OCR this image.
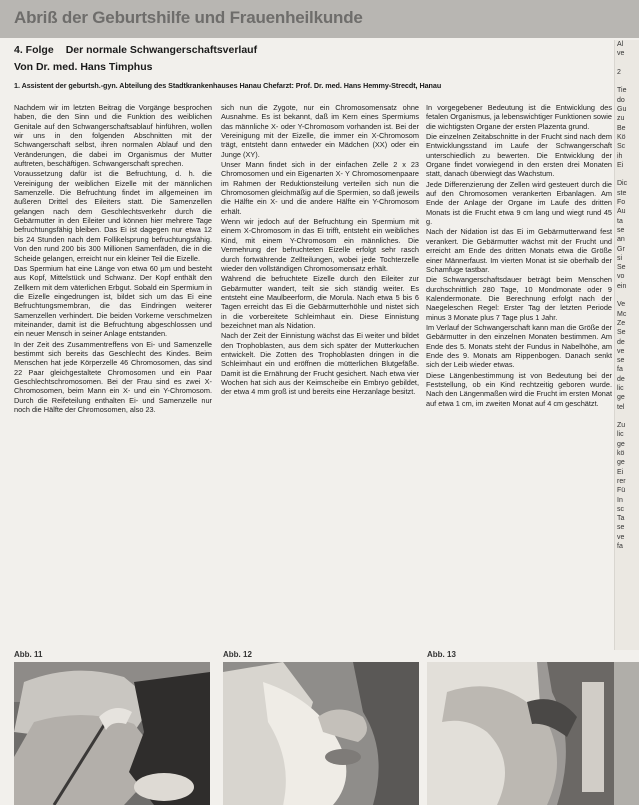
Abriß der Geburtshilfe und Frauenheilkunde
4. Folge Der normale Schwangerschaftsverlauf
Von Dr. med. Hans Timphus
1. Assistent der geburtsh.-gyn. Abteilung des Stadtkrankenhauses Hanau Chefarzt: Prof. Dr. med. Hans Hemmy-Strecdt, Hanau

Nachdem wir im letzten Beitrag die Vorgänge besprochen haben, die den Sinn und die Funktion des weiblichen Genitale auf den Schwangerschaftsablauf hinführen, wollen wir uns in den folgenden Abschnitten mit der Schwangerschaft selbst, ihren normalen Ablauf und den Veränderungen, die dabei im Organismus der Mutter auftreten, beschäftigen. Schwangerschaft sprechen.

Voraussetzung dafür ist die Befruchtung, d. h. die Vereinigung der weiblichen Eizelle mit der männlichen Samenzelle. Die Befruchtung findet im allgemeinen im äußeren Drittel des Eileiters statt. Die Samenzellen gelangen nach dem Geschlechtsverkehr durch die Gebärmutter in den Eileiter und können hier mehrere Tage befruchtungsfähig bleiben. Das Ei ist dagegen nur etwa 12 bis 24 Stunden nach dem Follikelsprung befruchtungsfähig. Von den rund 200 bis 300 Millionen Samenfäden, die in die Scheide gelangen, erreicht nur ein kleiner Teil die Eizelle.

Das Spermium hat eine Länge von etwa 60 µm und besteht aus Kopf, Mittelstück und Schwanz. Der Kopf enthält den Zellkern mit dem väterlichen Erbgut. Sobald ein Spermium in die Eizelle eingedrungen ist, bildet sich um das Ei eine Befruchtungsmembran, die das Eindringen weiterer Samenzellen verhindert. Die beiden Vorkerne verschmelzen miteinander, damit ist die Befruchtung abgeschlossen und ein neuer Mensch in seiner Anlage entstanden.

In der Zeit des Zusammentreffens von Ei- und Samenzelle bestimmt sich bereits das Geschlecht des Kindes. Beim Menschen hat jede Körperzelle 46 Chromosomen, das sind 22 Paar gleichgestaltete Chromosomen und ein Paar Geschlechtschromosomen. Bei der Frau sind es zwei X-Chromosomen, beim Mann ein X- und ein Y-Chromosom. Durch die Reifeteilung enthalten Ei- und Samenzelle nur noch die Hälfte der Chromosomen, also 23.

sich nun die Zygote, nur ein Chromosomensatz ohne Ausnahme. Es ist bekannt, daß im Kern eines Spermiums das männliche X- oder Y-Chromosom vorhanden ist. Bei der Vereinigung mit der Eizelle, die immer ein X-Chromosom trägt, entsteht dann entweder ein Mädchen (XX) oder ein Junge (XY).

Unser Mann findet sich in der einfachen Zelle 2 x 23 Chromosomen und ein Eigenarten X- Y Chromosomenpaare im Rahmen der Reduktionsteilung verteilen sich nun die Chromosomen gleichmäßig auf die Spermien, so daß jeweils die Hälfte ein X- und die andere Hälfte ein Y-Chromosom erhält.

Wenn wir jedoch auf der Befruchtung ein Spermium mit einem X-Chromosom in das Ei trifft, entsteht ein weibliches Kind, mit einem Y-Chromosom ein männliches. Die Vermehrung der befruchteten Eizelle erfolgt sehr rasch durch fortwährende Zellteilungen, wobei jede Tochterzelle wieder den vollständigen Chromosomensatz erhält.

Während die befruchtete Eizelle durch den Eileiter zur Gebärmutter wandert, teilt sie sich ständig weiter. Es entsteht eine Maulbeerform, die Morula. Nach etwa 5 bis 6 Tagen erreicht das Ei die Gebärmutterhöhle und nistet sich in die vorbereitete Schleimhaut ein. Diese Einnistung bezeichnet man als Nidation.

Nach der Zeit der Einnistung wächst das Ei weiter und bildet den Trophoblasten, aus dem sich später der Mutterkuchen entwickelt. Die Zotten des Trophoblasten dringen in die Schleimhaut ein und eröffnen die mütterlichen Blutgefäße. Damit ist die Ernährung der Frucht gesichert. Nach etwa vier Wochen hat sich aus der Keimscheibe ein Embryo gebildet, der etwa 4 mm groß ist und bereits eine Herzanlage besitzt.

In vorgegebener Bedeutung ist die Entwicklung des fetalen Organismus, ja lebenswichtiger Funktionen sowie die wichtigsten Organe der ersten Plazenta grund.

Die einzelnen Zeitabschnitte in der Frucht sind nach dem Entwicklungsstand im Laufe der Schwangerschaft unterschiedlich zu bewerten. Die Entwicklung der Organe findet vorwiegend in den ersten drei Monaten statt, danach überwiegt das Wachstum.

Jede Differenzierung der Zellen wird gesteuert durch die auf den Chromosomen verankerten Erbanlagen. Am Ende der Anlage der Organe im Laufe des dritten Monats ist die Frucht etwa 9 cm lang und wiegt rund 45 g.

Nach der Nidation ist das Ei im Gebärmutterwand fest verankert. Die Gebärmutter wächst mit der Frucht und erreicht am Ende des dritten Monats etwa die Größe einer Männerfaust. Im vierten Monat ist sie oberhalb der Schamfuge tastbar.

Die Schwangerschaftsdauer beträgt beim Menschen durchschnittlich 280 Tage, 10 Mondmonate oder 9 Kalendermonate. Die Berechnung erfolgt nach der Naegeleschen Regel: Erster Tag der letzten Periode minus 3 Monate plus 7 Tage plus 1 Jahr.

Im Verlauf der Schwangerschaft kann man die Größe der Gebärmutter in den einzelnen Monaten bestimmen. Am Ende des 5. Monats steht der Fundus in Nabelhöhe, am Ende des 9. Monats am Rippenbogen. Danach senkt sich der Leib wieder etwas.

Diese Längenbestimmung ist von Bedeutung bei der Feststellung, ob ein Kind rechtzeitig geboren wurde. Nach den Längenmaßen wird die Frucht im ersten Monat auf etwa 1 cm, im zweiten Monat auf 4 cm geschätzt.

Al
ve

2

Tie
do
Gu
zu
Be
Kö
Sc
ih
Ei

Dic
ste
Fo
Au
ta
se
an
Gr
si
Se
vo
ein

Ve
Mc
Ze
Se
de
ve
se
fa
de
lic
ge
tel

Zu
lic
ge
kö
ge
Ei
rer
Fü
In
sc
Ta
se
ve
fa
Abb. 11	Abb. 12	Abb. 13
